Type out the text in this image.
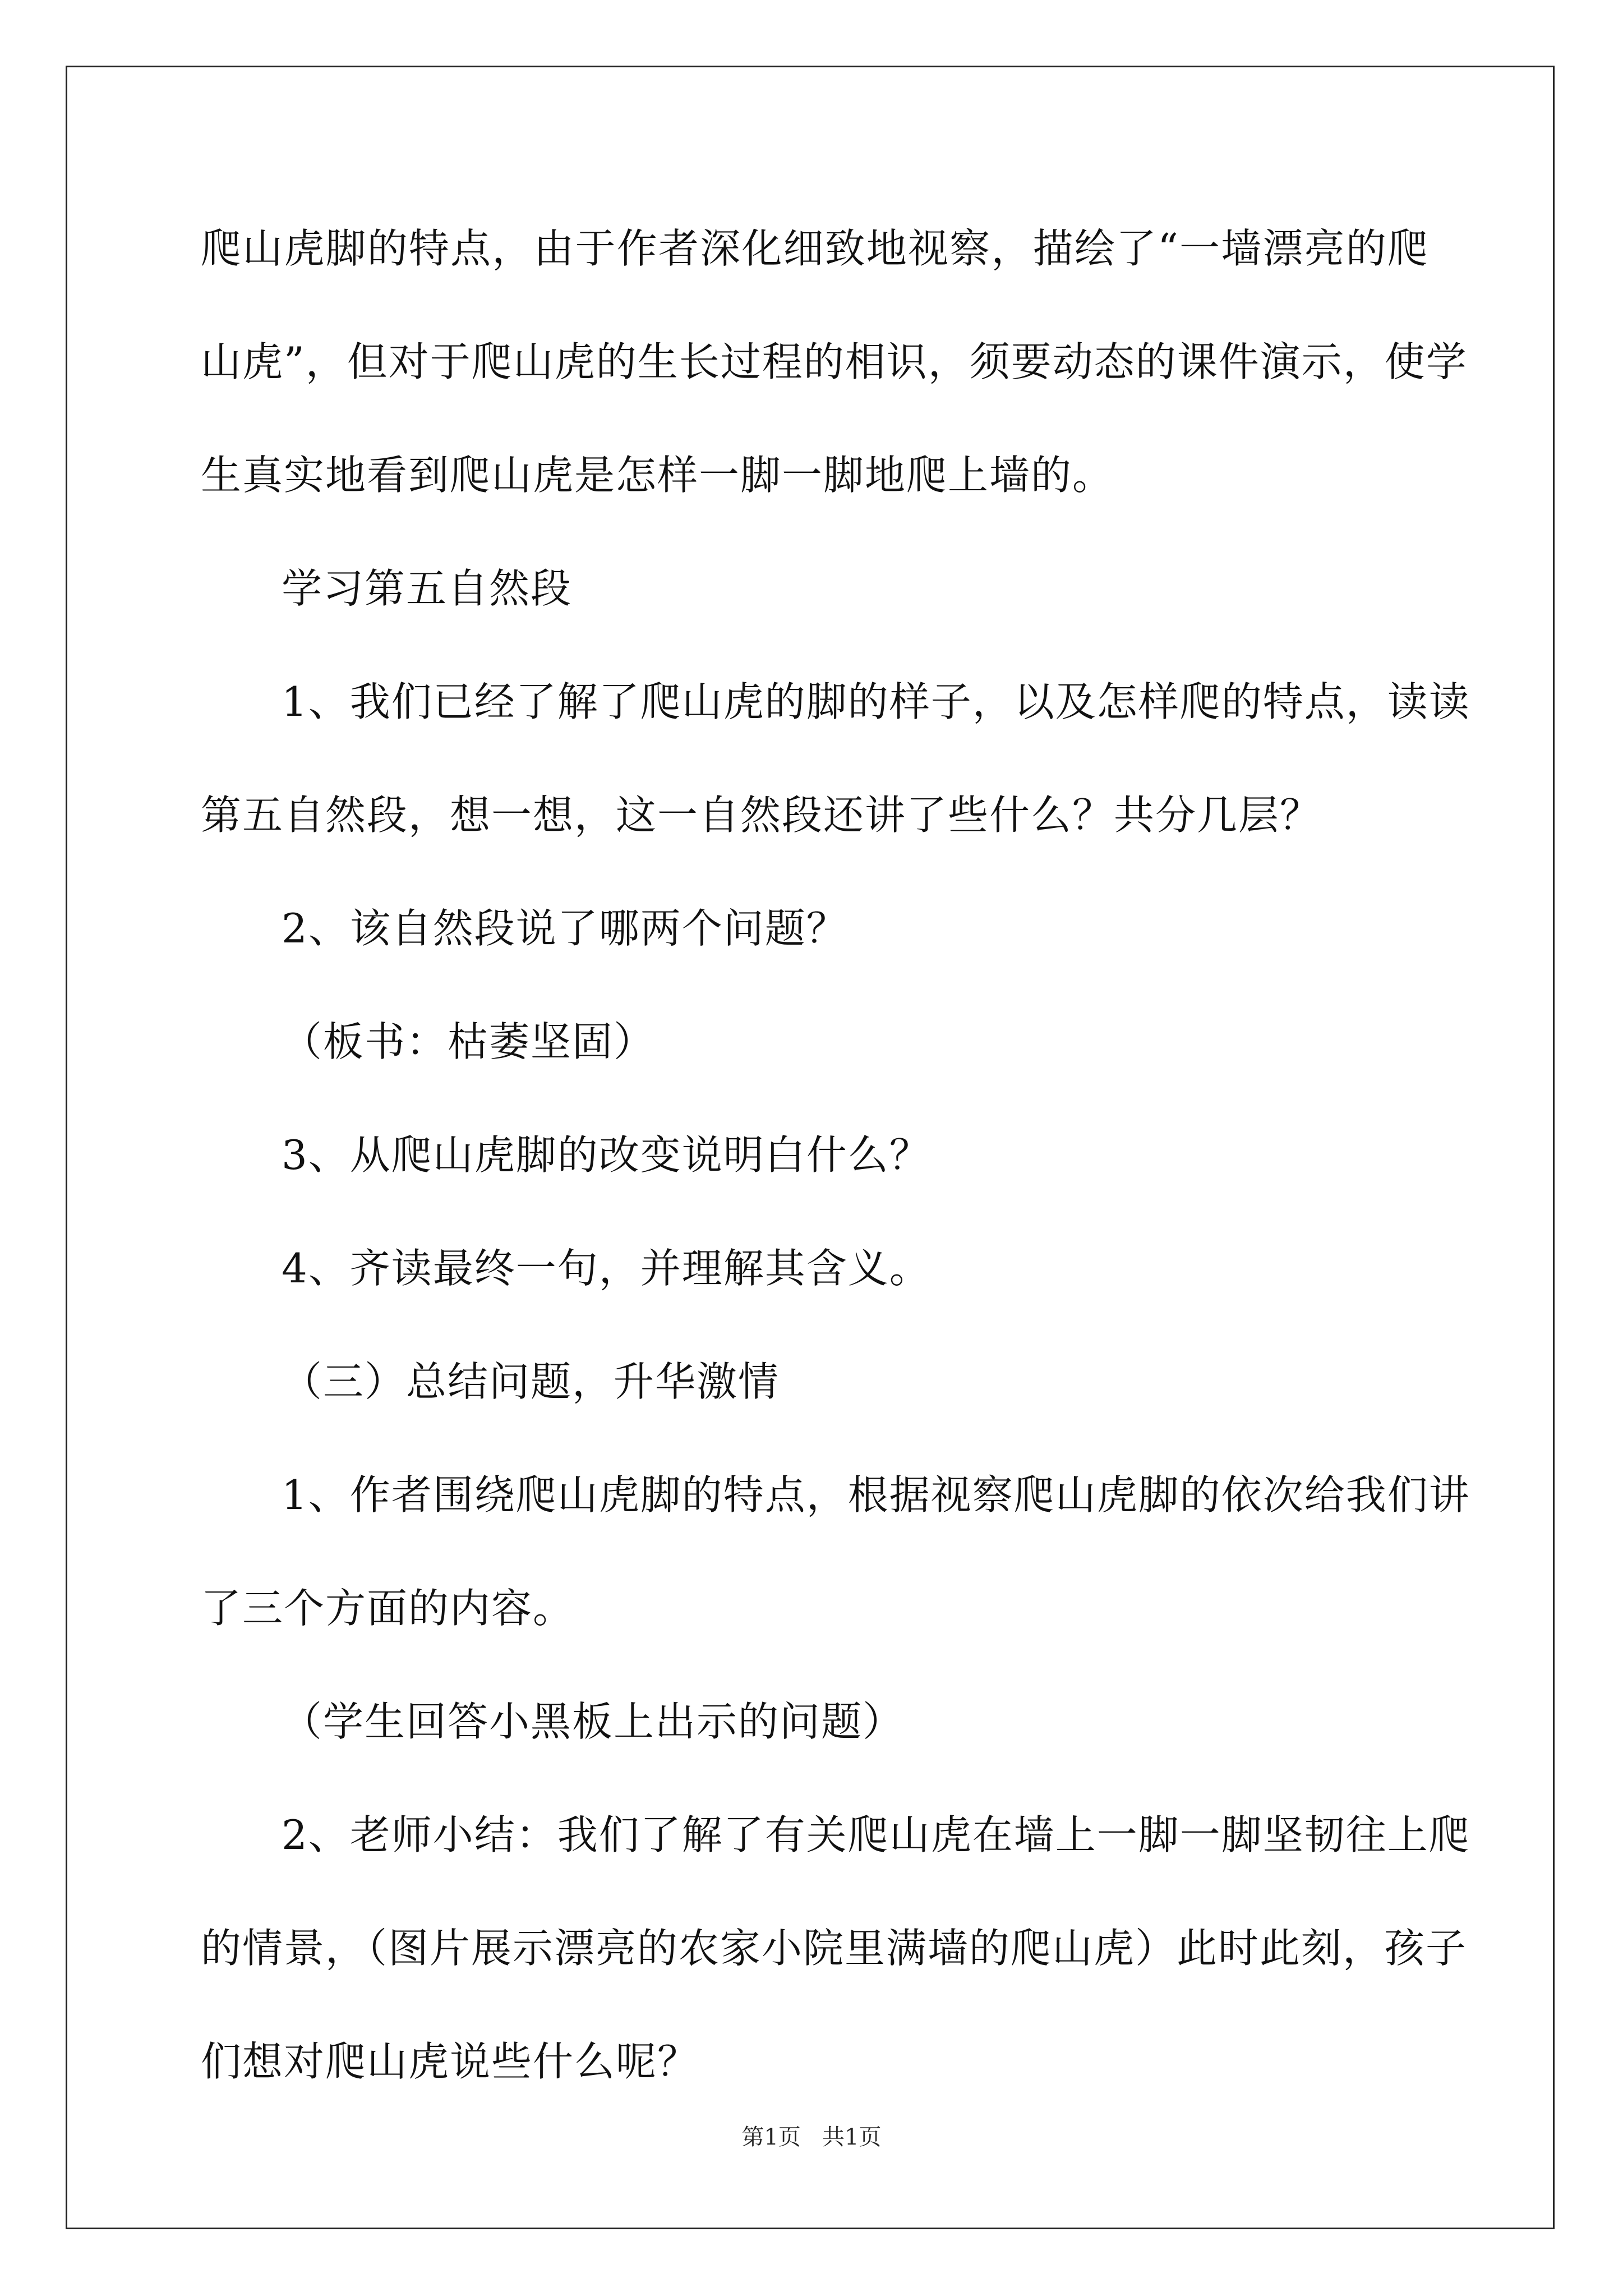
爬山虎脚的特点，由于作者深化细致地视察，描绘了“一墙漂亮的爬
山虎”，但对于爬山虎的生长过程的相识，须要动态的课件演示，使学
生真实地看到爬山虎是怎样一脚一脚地爬上墙的。
学习第五自然段
1、我们已经了解了爬山虎的脚的样子，以及怎样爬的特点，读读
第五自然段，想一想，这一自然段还讲了些什么？共分几层？
2、该自然段说了哪两个问题？
（板书：枯萎坚固）
3、从爬山虎脚的改变说明白什么？
4、齐读最终一句，并理解其含义。
（三）总结问题，升华激情
1、作者围绕爬山虎脚的特点，根据视察爬山虎脚的依次给我们讲
了三个方面的内容。
（学生回答小黑板上出示的问题）
2、老师小结：我们了解了有关爬山虎在墙上一脚一脚坚韧往上爬
的情景，（图片展示漂亮的农家小院里满墙的爬山虎）此时此刻，孩子
们想对爬山虎说些什么呢？
第1页   共1页
